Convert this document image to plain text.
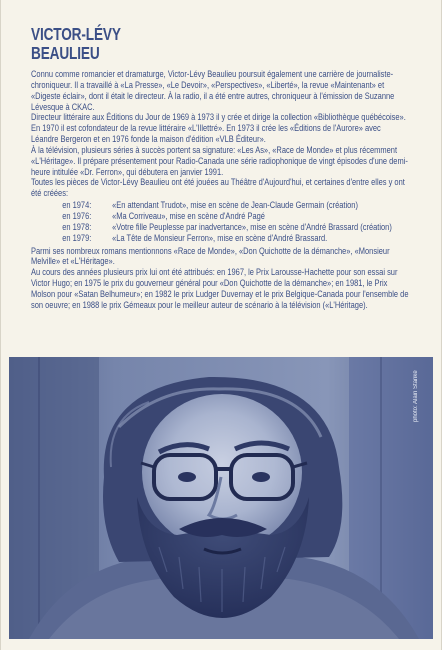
VICTOR-LÉVY
BEAULIEU

Connu comme romancier et dramaturge, Victor-Lévy Beaulieu poursuit également une carrière de journaliste-chroniqueur. Il a travaillé à «La Presse», «Le Devoir», «Perspectives», «Liberté», la revue «Maintenant» et «Digeste éclair», dont il était le directeur. À la radio, il a été entre autres, chroniqueur à l'émission de Suzanne Lévesque à CKAC.

Directeur littéraire aux Éditions du Jour de 1969 à 1973 il y crée et dirige la collection «Bibliothèque québécoise». En 1970 il est cofondateur de la revue littéraire «L'Illettré». En 1973 il crée les «Éditions de l'Aurore» avec Léandre Bergeron et en 1976 fonde la maison d'édition «VLB Éditeur».

À la télévision, plusieurs séries à succès portent sa signature: «Les As», «Race de Monde» et plus récemment «L'Héritage». Il prépare présentement pour Radio-Canada une série radiophonique de vingt épisodes d'une demi-heure intitulée «Dr. Ferron», qui débutera en janvier 1991.

Toutes les pièces de Victor-Lévy Beaulieu ont été jouées au Théâtre d'Aujourd'hui, et certaines d'entre elles y ont été créées:

en 1974:	«En attendant Trudot», mise en scène de Jean-Claude Germain (création)
en 1976:	«Ma Corriveau», mise en scène d'André Pagé
en 1978:	«Votre fille Peuplesse par inadvertance», mise en scène d'André Brassard (création)
en 1979:	«La Tête de Monsieur Ferron», mise en scène d'André Brassard.

Parmi ses nombreux romans mentionnons «Race de Monde», «Don Quichotte de la démanche», «Monsieur Melville» et «L'Héritage».

Au cours des années plusieurs prix lui ont été attribués: en 1967, le Prix Larousse-Hachette pour son essai sur Victor Hugo; en 1975 le prix du gouverneur général pour «Don Quichotte de la démanche»; en 1981, le Prix Molson pour «Satan Belhumeur»; en 1982 le prix Ludger Duvernay et le prix Belgique-Canada pour l'ensemble de son oeuvre; en 1988 le prix Gémeaux pour le meilleur auteur de scénario à la télévision («L'Héritage).

photo: Alain Stanké
